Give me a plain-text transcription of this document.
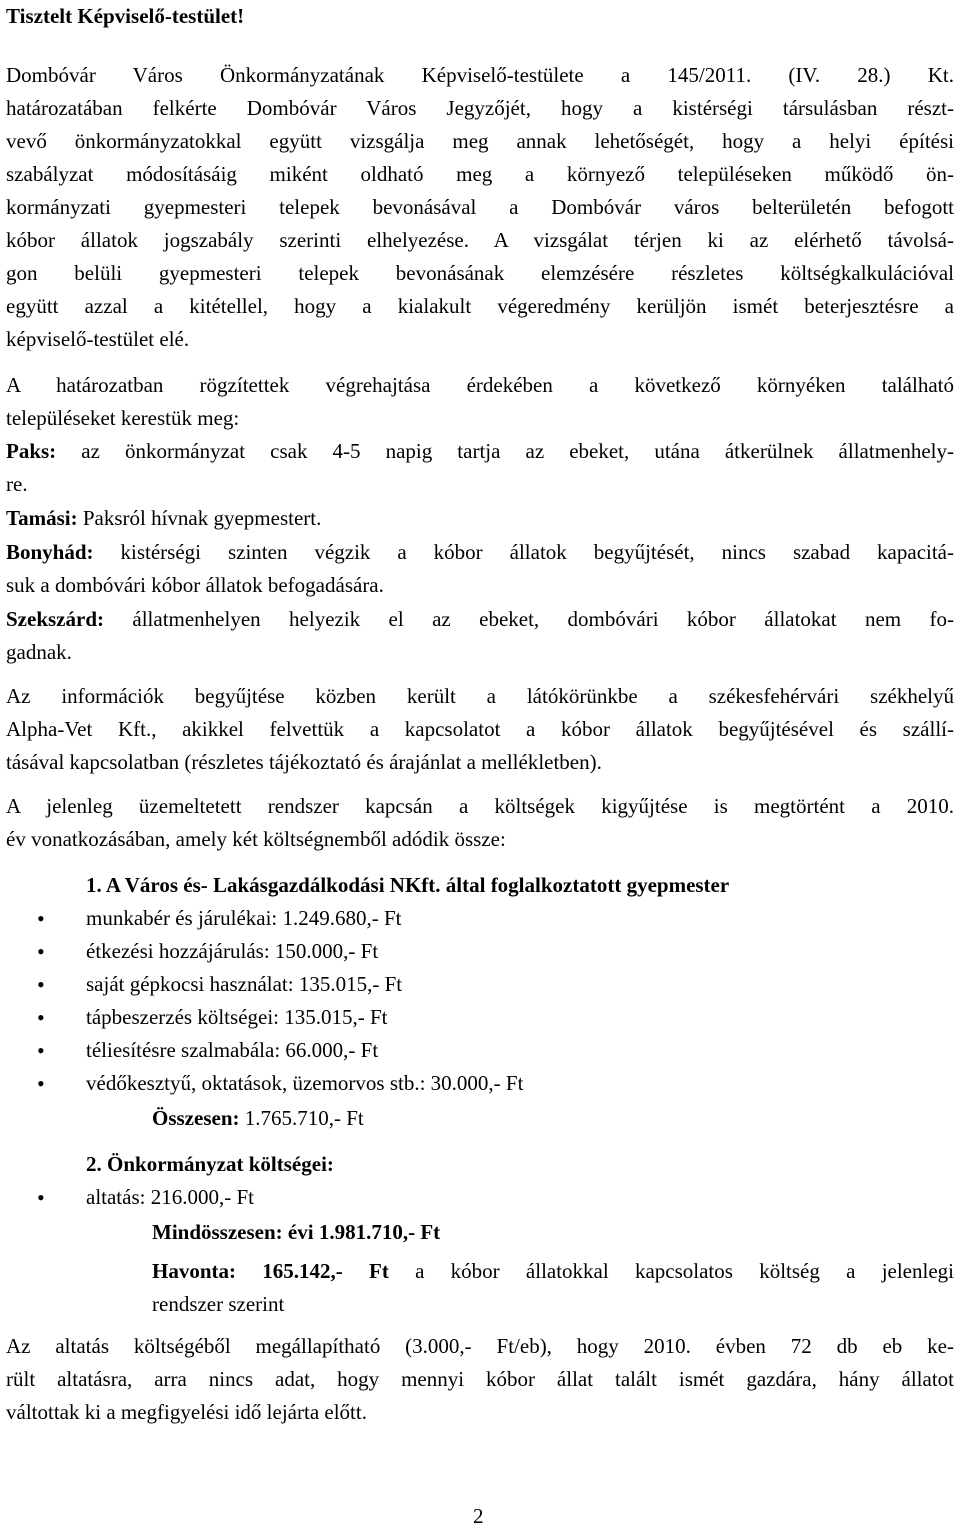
Tisztelt Képviselő-testület!
Dombóvár Város Önkormányzatának Képviselő-testülete a 145/2011. (IV. 28.) Kt.
határozatában felkérte Dombóvár Város Jegyzőjét, hogy a kistérségi társulásban részt-
vevő önkormányzatokkal együtt vizsgálja meg annak lehetőségét, hogy a helyi építési
szabályzat módosításáig miként oldható meg a környező településeken működő ön-
kormányzati gyepmesteri telepek bevonásával a Dombóvár város belterületén befogott
kóbor állatok jogszabály szerinti elhelyezése. A vizsgálat térjen ki az elérhető távolsá-
gon belüli gyepmesteri telepek bevonásának elemzésére részletes költségkalkulációval
együtt azzal a kitétellel, hogy a kialakult végeredmény kerüljön ismét beterjesztésre a
képviselő-testület elé.
A határozatban rögzítettek végrehajtása érdekében a következő környéken található
településeket kerestük meg:
Paks: az önkormányzat csak 4-5 napig tartja az ebeket, utána átkerülnek állatmenhely-
re.
Tamási: Paksról hívnak gyepmestert.
Bonyhád: kistérségi szinten végzik a kóbor állatok begyűjtését, nincs szabad kapacitá-
suk a dombóvári kóbor állatok befogadására.
Szekszárd: állatmenhelyen helyezik el az ebeket, dombóvári kóbor állatokat nem fo-
gadnak.
Az információk begyűjtése közben került a látókörünkbe a székesfehérvári székhelyű
Alpha-Vet Kft., akikkel felvettük a kapcsolatot a kóbor állatok begyűjtésével és szállí-
tásával kapcsolatban (részletes tájékoztató és árajánlat a mellékletben).
A jelenleg üzemeltetett rendszer kapcsán a költségek kigyűjtése is megtörtént a 2010.
év vonatkozásában, amely két költségnemből adódik össze:
1. A Város és- Lakásgazdálkodási NKft. által foglalkoztatott gyepmester
• munkabér és járulékai: 1.249.680,- Ft
• étkezési hozzájárulás: 150.000,- Ft
• saját gépkocsi használat: 135.015,- Ft
• tápbeszerzés költségei: 135.015,- Ft
• téliesítésre szalmabála: 66.000,- Ft
• védőkesztyű, oktatások, üzemorvos stb.: 30.000,- Ft
Összesen: 1.765.710,- Ft
2. Önkormányzat költségei:
• altatás: 216.000,- Ft
Mindösszesen: évi 1.981.710,- Ft
Havonta: 165.142,- Ft a kóbor állatokkal kapcsolatos költség a jelenlegi
rendszer szerint
Az altatás költségéből megállapítható (3.000,- Ft/eb), hogy 2010. évben 72 db eb ke-
rült altatásra, arra nincs adat, hogy mennyi kóbor állat talált ismét gazdára, hány állatot
váltottak ki a megfigyelési idő lejárta előtt.
2
